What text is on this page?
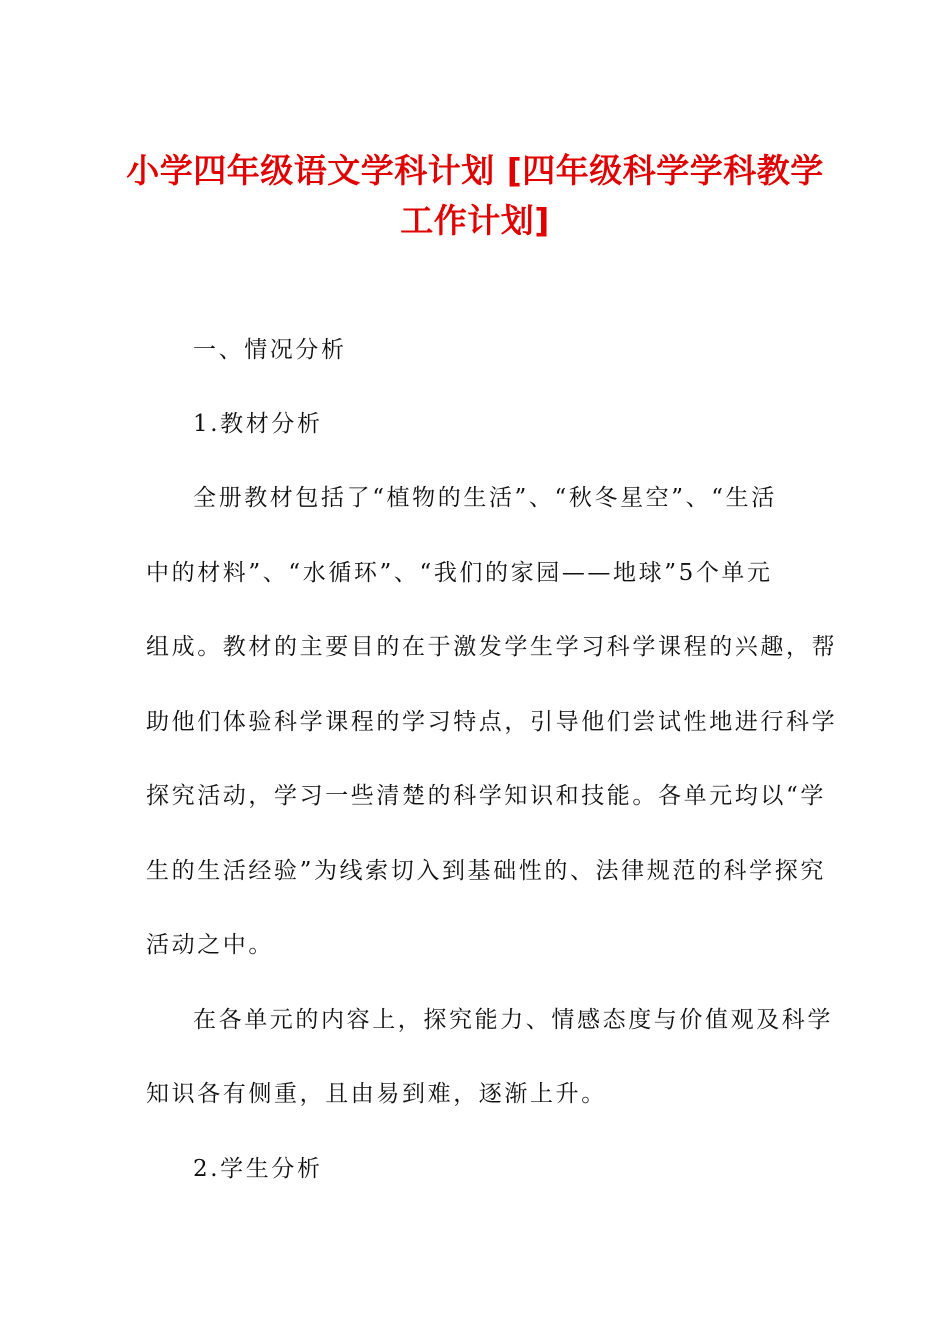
小学四年级语文学科计划 [四年级科学学科教学工作计划]

一、情况分析

1.教材分析

全册教材包括了“植物的生活”、“秋冬星空”、“生活

中的材料”、“水循环”、“我们的家园——地球”5个单元

组成。教材的主要目的在于激发学生学习科学课程的兴趣，帮

助他们体验科学课程的学习特点，引导他们尝试性地进行科学

探究活动，学习一些清楚的科学知识和技能。各单元均以“学

生的生活经验”为线索切入到基础性的、法律规范的科学探究

活动之中。

在各单元的内容上，探究能力、情感态度与价值观及科学

知识各有侧重，且由易到难，逐渐上升。

2.学生分析
